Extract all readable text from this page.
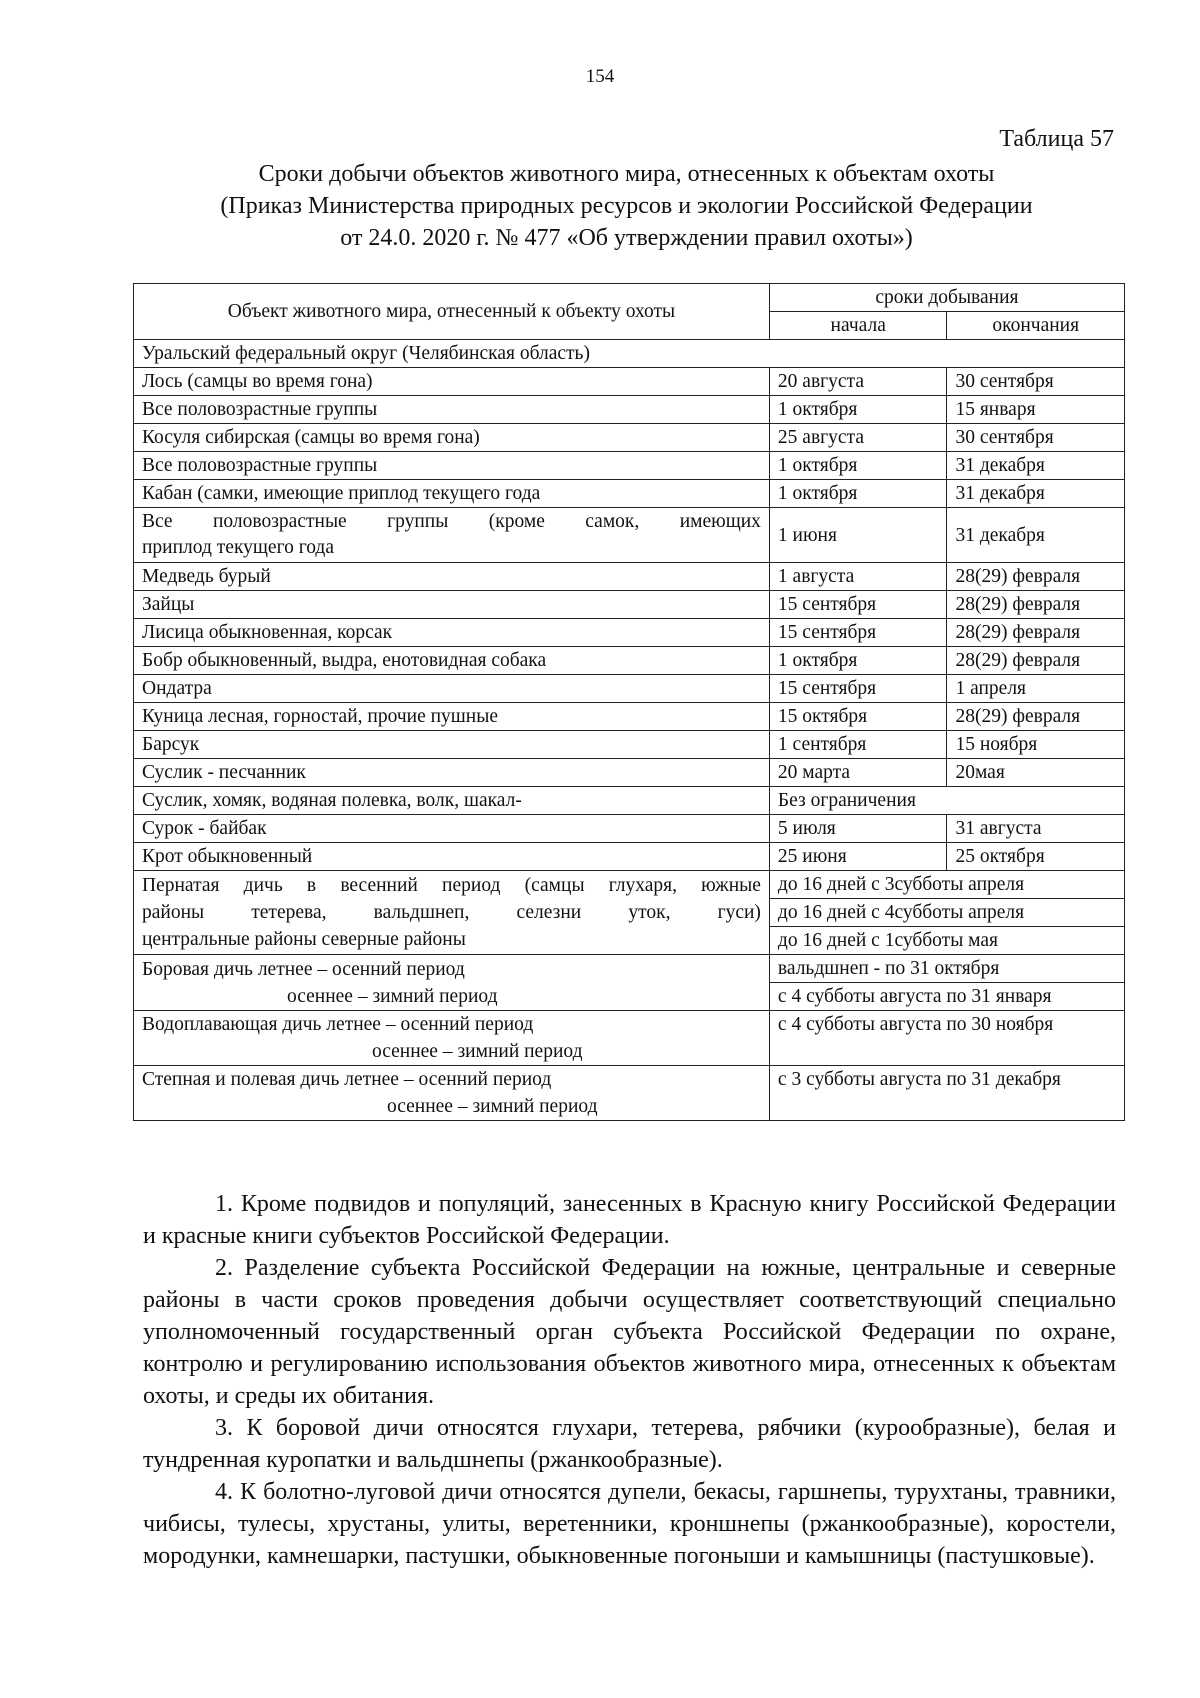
154
Таблица 57
Сроки добычи объектов животного мира, отнесенных к объектам охоты
(Приказ Министерства природных ресурсов и экологии Российской Федерации
от 24.0. 2020 г. № 477 «Об утверждении правил охоты»)
Объект животного мира, отнесенный к объекту охоты	сроки добывания	
	начала	окончания
Уральский федеральный округ (Челябинская область)		
Лось (самцы во время гона)	20 августа	30 сентября
Все половозрастные группы	1 октября	15 января
Косуля сибирская (самцы во время гона)	25 августа	30 сентября
Все половозрастные группы	1 октября	31 декабря
Кабан (самки, имеющие приплод текущего года	1 октября	31 декабря

Все половозрастные группы (кроме самок, имеющих
приплод текущего года	1 июня	31 декабря
Медведь бурый	1 августа	28(29) февраля
Зайцы	15 сентября	28(29) февраля
Лисица обыкновенная, корсак	15 сентября	28(29) февраля
Бобр обыкновенный, выдра, енотовидная собака	1 октября	28(29) февраля
Ондатра	15 сентября	1 апреля
Куница лесная, горностай, прочие пушные	15 октября	28(29) февраля
Барсук	1 сентября	15 ноября
Суслик - песчанник	20 марта	20мая
Суслик, хомяк, водяная полевка, волк, шакал-	Без ограничения	
Сурок - байбак	5 июля	31 августа
Крот обыкновенный	25 июня	25 октября

Пернатая дичь в весенний период (самцы глухаря, южные
районы тетерева, вальдшнеп, селезни уток, гуси)
центральные районы северные районы	до 16 дней с 3субботы апреля	
	до 16 дней с 4субботы апреля	
	до 16 дней с 1субботы мая	

Боровая дичь летнее – осенний период
осеннее – зимний период	вальдшнеп - по 31 октября	
	с 4 субботы августа по 31 января	

Водоплавающая дичь летнее – осенний период
осеннее – зимний период	с 4 субботы августа по 30 ноября	

Степная и полевая дичь летнее – осенний период
осеннее – зимний период	с 3 субботы августа по 31 декабря	

1. Кроме подвидов и популяций, занесенных в Красную книгу Российской Федерации и красные книги субъектов Российской Федерации.

2. Разделение субъекта Российской Федерации на южные, центральные и северные районы в части сроков проведения добычи осуществляет соответствующий специально уполномоченный государственный орган субъекта Российской Федерации по охране, контролю и регулированию использования объектов животного мира, отнесенных к объектам охоты, и среды их обитания.

3. К боровой дичи относятся глухари, тетерева, рябчики (курообразные), белая и тундренная куропатки и вальдшнепы (ржанкообразные).

4. К болотно-луговой дичи относятся дупели, бекасы, гаршнепы, турухтаны, травники, чибисы, тулесы, хрустаны, улиты, веретенники, кроншнепы (ржанкообразные), коростели, мородунки, камнешарки, пастушки, обыкновенные погоныши и камышницы (пастушковые).
